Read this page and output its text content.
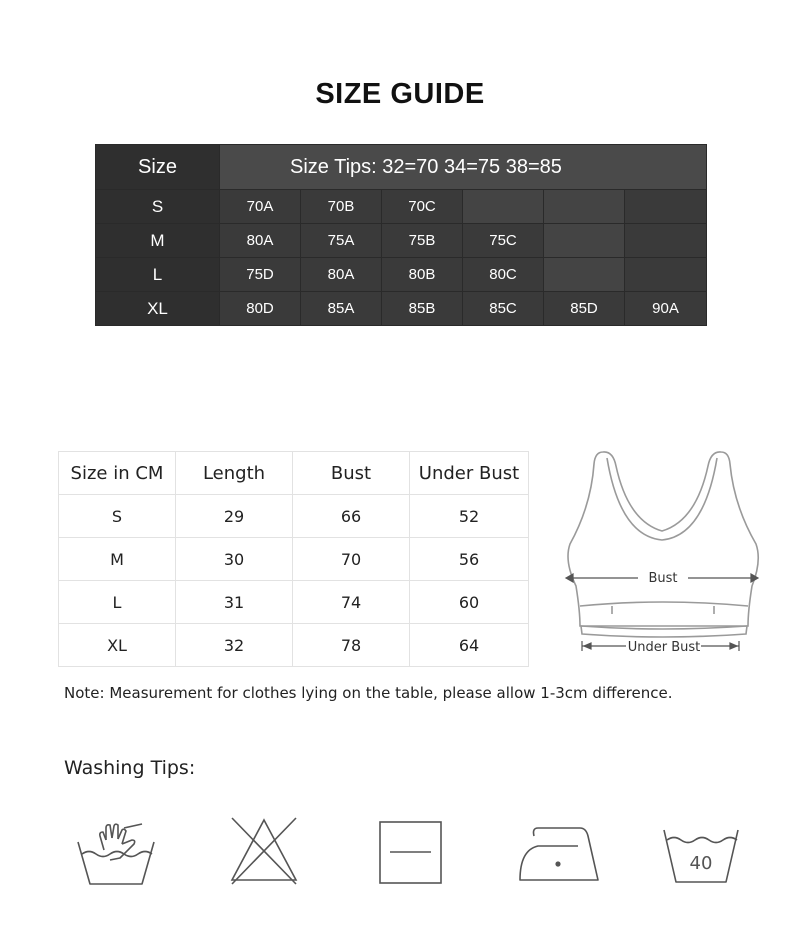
SIZE GUIDE
Size	Size Tips: 32=70 34=75 38=85					
S	70A	70B	70C			
M	80A	75A	75B	75C		
L	75D	80A	80B	80C		
XL	80D	85A	85B	85C	85D	90A
Size in CM	Length	Bust	Under Bust
S	29	66	52
M	30	70	56
L	31	74	60
XL	32	78	64
Bust
Under Bust
Note: Measurement for clothes lying on the table, please allow 1-3cm difference.
Washing Tips:
40
